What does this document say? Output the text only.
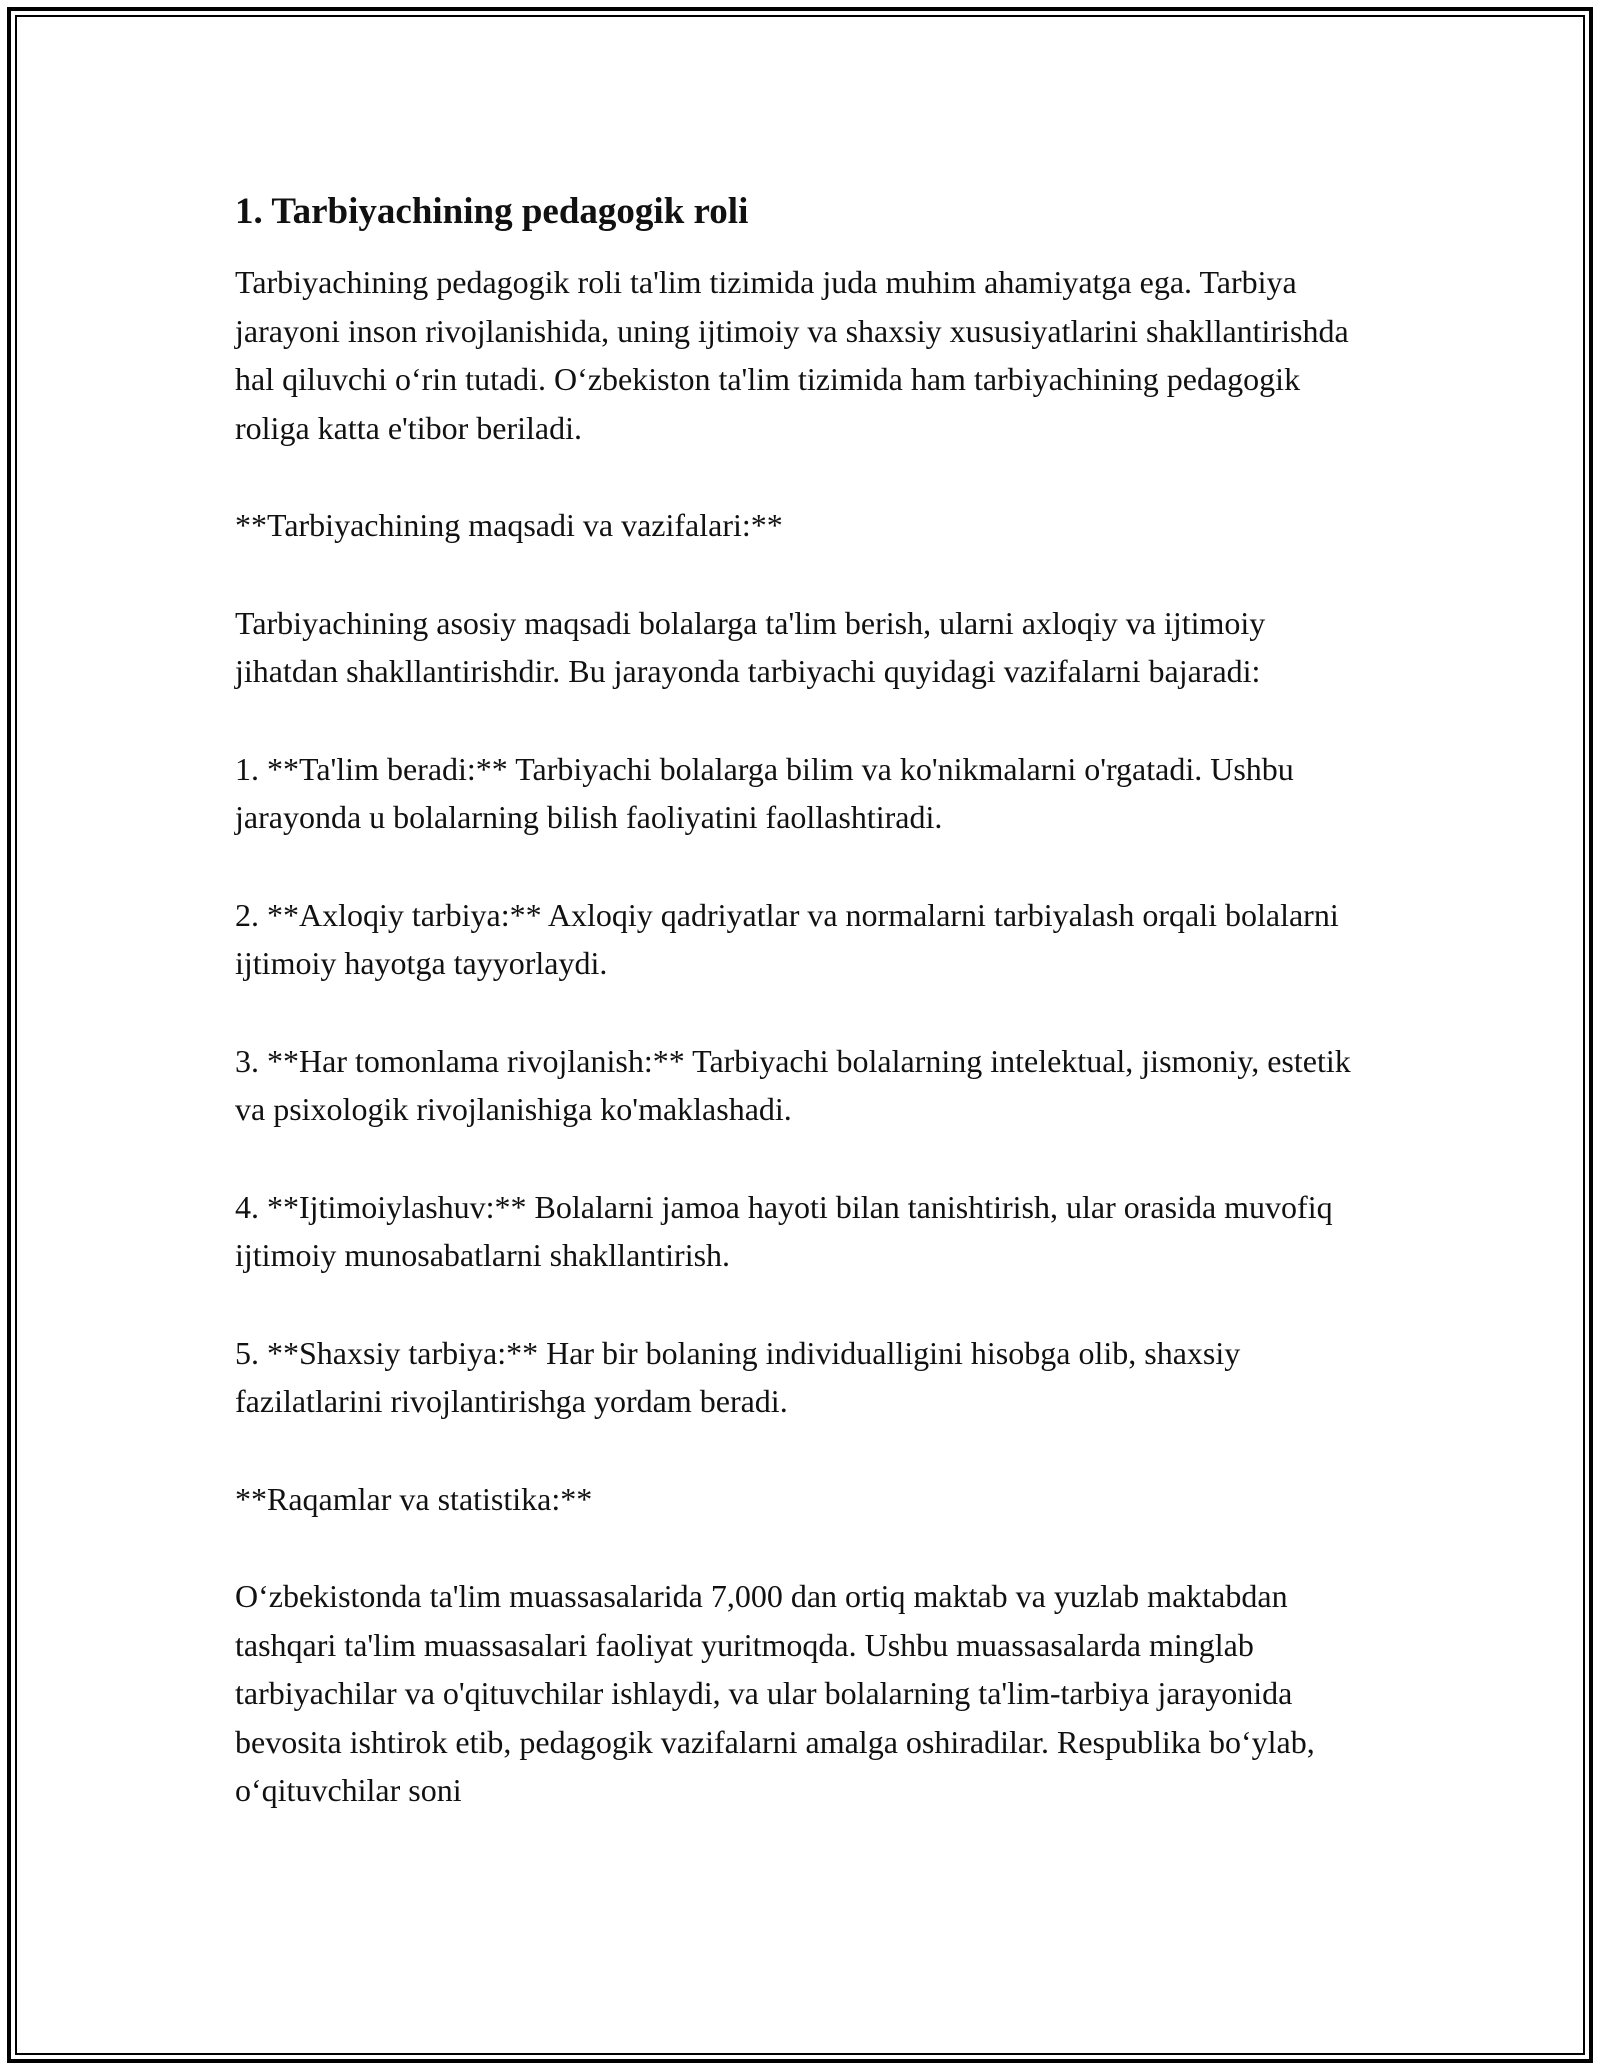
1. Tarbiyachining pedagogik roli

Tarbiyachining pedagogik roli ta'lim tizimida juda muhim ahamiyatga ega. Tarbiya jarayoni inson rivojlanishida, uning ijtimoiy va shaxsiy xususiyatlarini shakllantirishda hal qiluvchi o‘rin tutadi. O‘zbekiston ta'lim tizimida ham tarbiyachining pedagogik roliga katta e'tibor beriladi.

**Tarbiyachining maqsadi va vazifalari:**

Tarbiyachining asosiy maqsadi bolalarga ta'lim berish, ularni axloqiy va ijtimoiy jihatdan shakllantirishdir. Bu jarayonda tarbiyachi quyidagi vazifalarni bajaradi:

1. **Ta'lim beradi:** Tarbiyachi bolalarga bilim va ko'nikmalarni o'rgatadi. Ushbu jarayonda u bolalarning bilish faoliyatini faollashtiradi.

2. **Axloqiy tarbiya:** Axloqiy qadriyatlar va normalarni tarbiyalash orqali bolalarni ijtimoiy hayotga tayyorlaydi.

3. **Har tomonlama rivojlanish:** Tarbiyachi bolalarning intelektual, jismoniy, estetik va psixologik rivojlanishiga ko'maklashadi.

4. **Ijtimoiylashuv:** Bolalarni jamoa hayoti bilan tanishtirish, ular orasida muvofiq ijtimoiy munosabatlarni shakllantirish.

5. **Shaxsiy tarbiya:** Har bir bolaning individualligini hisobga olib, shaxsiy fazilatlarini rivojlantirishga yordam beradi.

**Raqamlar va statistika:**

O‘zbekistonda ta'lim muassasalarida 7,000 dan ortiq maktab va yuzlab maktabdan tashqari ta'lim muassasalari faoliyat yuritmoqda. Ushbu muassasalarda minglab tarbiyachilar va o'qituvchilar ishlaydi, va ular bolalarning ta'lim-tarbiya jarayonida bevosita ishtirok etib, pedagogik vazifalarni amalga oshiradilar. Respublika bo‘ylab, o‘qituvchilar soni
